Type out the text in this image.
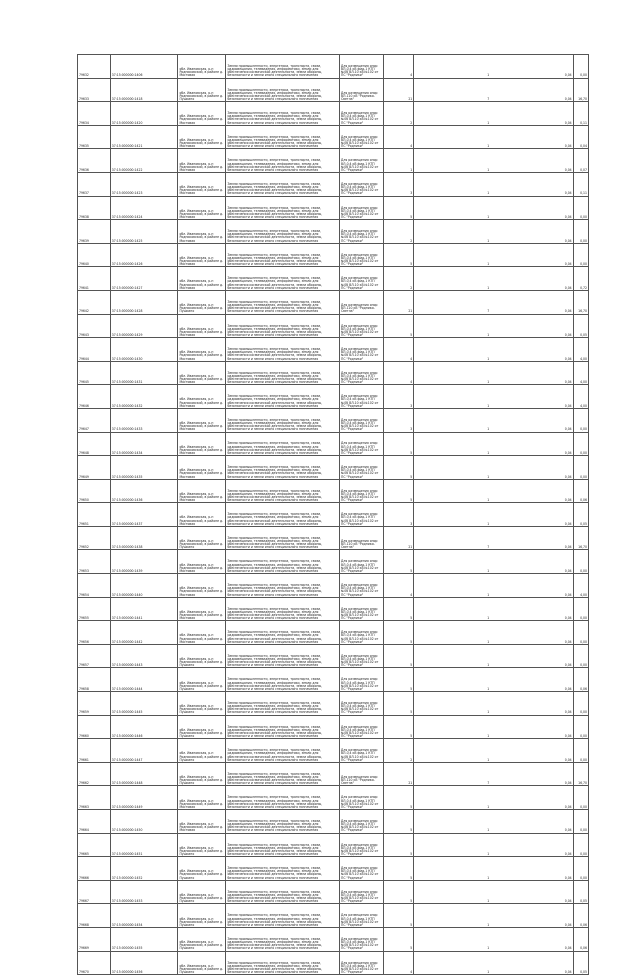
79632	37:15:000000:1406	обл. Ивановская, р-н Родниковский, в районе д. Мостовая	Земли промышленности, энергетики, транспорта, связи, радиовещания, телевидения, информатики, земли для обеспечения космической деятельности, земли обороны, безопасности и земли иного специального назначения	Для размещения опор ВЛ-0,4 кВ фид.1 КТП №0б ВЛ-10 кВ №102 от ПС "Родники"	4	1		0,04	0,00
79633	37:15:000000:1418	обл. Ивановская, р-н Родниковский, в районе д. Пушкино	Земли промышленности, энергетики, транспорта, связи, радиовещания, телевидения, информатики, земли для обеспечения космической деятельности, земли обороны, безопасности и земли иного специального назначения	Для размещения опор ВЛ-110 кВ "Родники-Светла"	21	7		0,04	16,70
79634	37:15:000000:1420	обл. Ивановская, р-н Родниковский, в районе д. Мостовая	Земли промышленности, энергетики, транспорта, связи, радиовещания, телевидения, информатики, земли для обеспечения космической деятельности, земли обороны, безопасности и земли иного специального назначения	Для размещения опор ВЛ-0,4 кВ фид.1 КТП №0б ВЛ-10 кВ №102 от ПС "Родники"	2	1		0,04	0,11
79635	37:15:000000:1421	обл. Ивановская, р-н Родниковский, в районе д. Мостовая	Земли промышленности, энергетики, транспорта, связи, радиовещания, телевидения, информатики, земли для обеспечения космической деятельности, земли обороны, безопасности и земли иного специального назначения	Для размещения опор ВЛ-0,4 кВ фид.1 КТП №0б ВЛ-10 кВ №102 от ПС "Родники"	4	1		0,04	0,04
79636	37:15:000000:1422	обл. Ивановская, р-н Родниковский, в районе д. Мостовая	Земли промышленности, энергетики, транспорта, связи, радиовещания, телевидения, информатики, земли для обеспечения космической деятельности, земли обороны, безопасности и земли иного специального назначения	Для размещения опор ВЛ-0,4 кВ фид.1 КТП №0б ВЛ-10 кВ №102 от ПС "Родники"	1	1		0,04	0,07
79637	37:15:000000:1423	обл. Ивановская, р-н Родниковский, в районе д. Мостовая	Земли промышленности, энергетики, транспорта, связи, радиовещания, телевидения, информатики, земли для обеспечения космической деятельности, земли обороны, безопасности и земли иного специального назначения	Для размещения опор ВЛ-0,4 кВ фид.1 КТП №0б ВЛ-10 кВ №102 от ПС "Родники"	3	1		0,04	0,11
79638	37:15:000000:1424	обл. Ивановская, р-н Родниковский, в районе д. Мостовая	Земли промышленности, энергетики, транспорта, связи, радиовещания, телевидения, информатики, земли для обеспечения космической деятельности, земли обороны, безопасности и земли иного специального назначения	Для размещения опор ВЛ-0,4 кВ фид.1 КТП №0б ВЛ-10 кВ №102 от ПС "Родники"	5	1		0,04	0,00
79639	37:15:000000:1425	обл. Ивановская, р-н Родниковский, в районе д. Мостовая	Земли промышленности, энергетики, транспорта, связи, радиовещания, телевидения, информатики, земли для обеспечения космической деятельности, земли обороны, безопасности и земли иного специального назначения	Для размещения опор ВЛ-0,4 кВ фид.1 КТП №0б ВЛ-10 кВ №102 от ПС "Родники"	2	1		0,04	0,00
79640	37:15:000000:1426	обл. Ивановская, р-н Родниковский, в районе д. Мостовая	Земли промышленности, энергетики, транспорта, связи, радиовещания, телевидения, информатики, земли для обеспечения космической деятельности, земли обороны, безопасности и земли иного специального назначения	Для размещения опор ВЛ-0,4 кВ фид.1 КТП №0б ВЛ-10 кВ №102 от ПС "Родники"	5	1		0,04	0,00
79641	37:15:000000:1427	обл. Ивановская, р-н Родниковский, в районе д. Мостовая	Земли промышленности, энергетики, транспорта, связи, радиовещания, телевидения, информатики, земли для обеспечения космической деятельности, земли обороны, безопасности и земли иного специального назначения	Для размещения опор ВЛ-0,4 кВ фид.1 КТП №0б ВЛ-10 кВ №102 от ПС "Родники"	2	1		0,04	0,72
79642	37:15:000000:1428	обл. Ивановская, р-н Родниковский, в районе д. Пушкино	Земли промышленности, энергетики, транспорта, связи, радиовещания, телевидения, информатики, земли для обеспечения космической деятельности, земли обороны, безопасности и земли иного специального назначения	Для размещения опор ВЛ-110 кВ "Родники-Светла"	21	7		0,04	16,70
79643	37:15:000000:1429	обл. Ивановская, р-н Родниковский, в районе д. Мостовая	Земли промышленности, энергетики, транспорта, связи, радиовещания, телевидения, информатики, земли для обеспечения космической деятельности, земли обороны, безопасности и земли иного специального назначения	Для размещения опор ВЛ-0,4 кВ фид.1 КТП №0б ВЛ-10 кВ №102 от ПС "Родники"	5	1		0,04	0,05
79644	37:15:000000:1430	обл. Ивановская, р-н Родниковский, в районе д. Мостовая	Земли промышленности, энергетики, транспорта, связи, радиовещания, телевидения, информатики, земли для обеспечения космической деятельности, земли обороны, безопасности и земли иного специального назначения	Для размещения опор ВЛ-0,4 кВ фид.1 КТП №0б ВЛ-10 кВ №102 от ПС "Родники"	4	1		0,04	4,00
79645	37:15:000000:1431	обл. Ивановская, р-н Родниковский, в районе д. Мостовая	Земли промышленности, энергетики, транспорта, связи, радиовещания, телевидения, информатики, земли для обеспечения космической деятельности, земли обороны, безопасности и земли иного специального назначения	Для размещения опор ВЛ-0,4 кВ фид.1 КТП №0б ВЛ-10 кВ №102 от ПС "Родники"	4	1		0,04	4,00
79646	37:15:000000:1432	обл. Ивановская, р-н Родниковский, в районе д. Мостовая	Земли промышленности, энергетики, транспорта, связи, радиовещания, телевидения, информатики, земли для обеспечения космической деятельности, земли обороны, безопасности и земли иного специального назначения	Для размещения опор ВЛ-0,4 кВ фид.1 КТП №0б ВЛ-10 кВ №102 от ПС "Родники"	3	1		0,04	4,00
79647	37:15:000000:1433	обл. Ивановская, р-н Родниковский, в районе д. Мостовая	Земли промышленности, энергетики, транспорта, связи, радиовещания, телевидения, информатики, земли для обеспечения космической деятельности, земли обороны, безопасности и земли иного специального назначения	Для размещения опор ВЛ-0,4 кВ фид.1 КТП №0б ВЛ-10 кВ №102 от ПС "Родники"	3	1		0,04	0,00
79648	37:15:000000:1434	обл. Ивановская, р-н Родниковский, в районе д. Мостовая	Земли промышленности, энергетики, транспорта, связи, радиовещания, телевидения, информатики, земли для обеспечения космической деятельности, земли обороны, безопасности и земли иного специального назначения	Для размещения опор ВЛ-0,4 кВ фид.1 КТП №0б ВЛ-10 кВ №102 от ПС "Родники"	5	1		0,04	0,00
79649	37:15:000000:1435	обл. Ивановская, р-н Родниковский, в районе д. Мостовая	Земли промышленности, энергетики, транспорта, связи, радиовещания, телевидения, информатики, земли для обеспечения космической деятельности, земли обороны, безопасности и земли иного специального назначения	Для размещения опор ВЛ-0,4 кВ фид.1 КТП №0б ВЛ-10 кВ №102 от ПС "Родники"	5	1		0,04	0,00
79650	37:15:000000:1436	обл. Ивановская, р-н Родниковский, в районе д. Мостовая	Земли промышленности, энергетики, транспорта, связи, радиовещания, телевидения, информатики, земли для обеспечения космической деятельности, земли обороны, безопасности и земли иного специального назначения	Для размещения опор ВЛ-0,4 кВ фид.1 КТП №0б ВЛ-10 кВ №102 от ПС "Родники"	5	1		0,04	0,06
79651	37:15:000000:1437	обл. Ивановская, р-н Родниковский, в районе д. Мостовая	Земли промышленности, энергетики, транспорта, связи, радиовещания, телевидения, информатики, земли для обеспечения космической деятельности, земли обороны, безопасности и земли иного специального назначения	Для размещения опор ВЛ-0,4 кВ фид.1 КТП №0б ВЛ-10 кВ №102 от ПС "Родники"	3	1		0,04	0,05
79652	37:15:000000:1438	обл. Ивановская, р-н Родниковский, в районе д. Пушкино	Земли промышленности, энергетики, транспорта, связи, радиовещания, телевидения, информатики, земли для обеспечения космической деятельности, земли обороны, безопасности и земли иного специального назначения	Для размещения опор ВЛ-110 кВ "Родники-Светла"	21	7		0,04	16,70
79653	37:15:000000:1439	обл. Ивановская, р-н Родниковский, в районе д. Мостовая	Земли промышленности, энергетики, транспорта, связи, радиовещания, телевидения, информатики, земли для обеспечения космической деятельности, земли обороны, безопасности и земли иного специального назначения	Для размещения опор ВЛ-0,4 кВ фид.1 КТП №0б ВЛ-10 кВ №102 от ПС "Родники"	5	1		0,04	0,00
79654	37:15:000000:1440	обл. Ивановская, р-н Родниковский, в районе д. Мостовая	Земли промышленности, энергетики, транспорта, связи, радиовещания, телевидения, информатики, земли для обеспечения космической деятельности, земли обороны, безопасности и земли иного специального назначения	Для размещения опор ВЛ-0,4 кВ фид.1 КТП №0б ВЛ-10 кВ №102 от ПС "Родники"	4	1		0,04	4,00
79655	37:15:000000:1441	обл. Ивановская, р-н Родниковский, в районе д. Мостовая	Земли промышленности, энергетики, транспорта, связи, радиовещания, телевидения, информатики, земли для обеспечения космической деятельности, земли обороны, безопасности и земли иного специального назначения	Для размещения опор ВЛ-0,4 кВ фид.1 КТП №0б ВЛ-10 кВ №102 от ПС "Родники"	5	1		0,04	0,00
79656	37:15:000000:1442	обл. Ивановская, р-н Родниковский, в районе д. Мостовая	Земли промышленности, энергетики, транспорта, связи, радиовещания, телевидения, информатики, земли для обеспечения космической деятельности, земли обороны, безопасности и земли иного специального назначения	Для размещения опор ВЛ-0,4 кВ фид.1 КТП №0б ВЛ-10 кВ №102 от ПС "Родники"	5	1		0,04	0,00
79657	37:15:000000:1443	обл. Ивановская, р-н Родниковский, в районе д. Пушкино	Земли промышленности, энергетики, транспорта, связи, радиовещания, телевидения, информатики, земли для обеспечения космической деятельности, земли обороны, безопасности и земли иного специального назначения	Для размещения опор ВЛ-0,4 кВ фид.1 КТП №0б ВЛ-10 кВ №102 от ПС "Родники"	5	1		0,04	0,00
79658	37:15:000000:1444	обл. Ивановская, р-н Родниковский, в районе д. Пушкино	Земли промышленности, энергетики, транспорта, связи, радиовещания, телевидения, информатики, земли для обеспечения космической деятельности, земли обороны, безопасности и земли иного специального назначения	Для размещения опор ВЛ-0,4 кВ фид.1 КТП №0б ВЛ-10 кВ №102 от ПС "Родники"	5	1		0,04	0,06
79659	37:15:000000:1445	обл. Ивановская, р-н Родниковский, в районе д. Пушкино	Земли промышленности, энергетики, транспорта, связи, радиовещания, телевидения, информатики, земли для обеспечения космической деятельности, земли обороны, безопасности и земли иного специального назначения	Для размещения опор ВЛ-0,4 кВ фид.1 КТП №0б ВЛ-10 кВ №102 от ПС "Родники"	5	1		0,04	0,00
79660	37:15:000000:1446	обл. Ивановская, р-н Родниковский, в районе д. Пушкино	Земли промышленности, энергетики, транспорта, связи, радиовещания, телевидения, информатики, земли для обеспечения космической деятельности, земли обороны, безопасности и земли иного специального назначения	Для размещения опор ВЛ-0,4 кВ фид.1 КТП №0б ВЛ-10 кВ №102 от ПС "Родники"	5	1		0,04	0,00
79661	37:15:000000:1447	обл. Ивановская, р-н Родниковский, в районе д. Пушкино	Земли промышленности, энергетики, транспорта, связи, радиовещания, телевидения, информатики, земли для обеспечения космической деятельности, земли обороны, безопасности и земли иного специального назначения	Для размещения опор ВЛ-0,4 кВ фид.1 КТП №0б ВЛ-10 кВ №102 от ПС "Родники"	2	1		0,04	0,00
79662	37:15:000000:1448	обл. Ивановская, р-н Родниковский, в районе д. Пушкино	Земли промышленности, энергетики, транспорта, связи, радиовещания, телевидения, информатики, земли для обеспечения космической деятельности, земли обороны, безопасности и земли иного специального назначения	Для размещения опор ВЛ-110 кВ "Родники-Светла"	21	7		0,04	16,70
79663	37:15:000000:1449	обл. Ивановская, р-н Родниковский, в районе д. Мостовая	Земли промышленности, энергетики, транспорта, связи, радиовещания, телевидения, информатики, земли для обеспечения космической деятельности, земли обороны, безопасности и земли иного специального назначения	Для размещения опор ВЛ-0,4 кВ фид.1 КТП №0б ВЛ-10 кВ №102 от ПС "Родники"	5	1		0,04	0,00
79664	37:15:000000:1450	обл. Ивановская, р-н Родниковский, в районе д. Мостовая	Земли промышленности, энергетики, транспорта, связи, радиовещания, телевидения, информатики, земли для обеспечения космической деятельности, земли обороны, безопасности и земли иного специального назначения	Для размещения опор ВЛ-0,4 кВ фид.1 КТП №0б ВЛ-10 кВ №102 от ПС "Родники"	5	1		0,04	0,00
79665	37:15:000000:1451	обл. Ивановская, р-н Родниковский, в районе д. Пушкино	Земли промышленности, энергетики, транспорта, связи, радиовещания, телевидения, информатики, земли для обеспечения космической деятельности, земли обороны, безопасности и земли иного специального назначения	Для размещения опор ВЛ-0,4 кВ фид.1 КТП №0б ВЛ-10 кВ №102 от ПС "Родники"	5	1		0,04	0,00
79666	37:15:000000:1452	обл. Ивановская, р-н Родниковский, в районе д. Пушкино	Земли промышленности, энергетики, транспорта, связи, радиовещания, телевидения, информатики, земли для обеспечения космической деятельности, земли обороны, безопасности и земли иного специального назначения	Для размещения опор ВЛ-0,4 кВ фид.1 КТП №0б ВЛ-10 кВ №102 от ПС "Родники"	5	1		0,04	0,00
79667	37:15:000000:1453	обл. Ивановская, р-н Родниковский, в районе д. Пушкино	Земли промышленности, энергетики, транспорта, связи, радиовещания, телевидения, информатики, земли для обеспечения космической деятельности, земли обороны, безопасности и земли иного специального назначения	Для размещения опор ВЛ-0,4 кВ фид.1 КТП №0б ВЛ-10 кВ №102 от ПС "Родники"	5	1		0,04	0,05
79668	37:15:000000:1454	обл. Ивановская, р-н Родниковский, в районе д. Пушкино	Земли промышленности, энергетики, транспорта, связи, радиовещания, телевидения, информатики, земли для обеспечения космической деятельности, земли обороны, безопасности и земли иного специального назначения	Для размещения опор ВЛ-0,4 кВ фид.1 КТП №0б ВЛ-10 кВ №102 от ПС "Родники"	5	1		0,04	0,06
79669	37:15:000000:1455	обл. Ивановская, р-н Родниковский, в районе д. Пушкино	Земли промышленности, энергетики, транспорта, связи, радиовещания, телевидения, информатики, земли для обеспечения космической деятельности, земли обороны, безопасности и земли иного специального назначения	Для размещения опор ВЛ-0,4 кВ фид.1 КТП №0б ВЛ-10 кВ №102 от ПС "Родники"	5	1		0,04	0,06
79670	37:15:000000:1456	обл. Ивановская, р-н Родниковский, в районе д. Пушкино	Земли промышленности, энергетики, транспорта, связи, радиовещания, телевидения, информатики, земли для обеспечения космической деятельности, земли обороны, безопасности и земли иного специального назначения	Для размещения опор ВЛ-0,4 кВ фид.1 КТП №0б ВЛ-10 кВ №102 от ПС "Родники"	4	1		0,04	0,05
